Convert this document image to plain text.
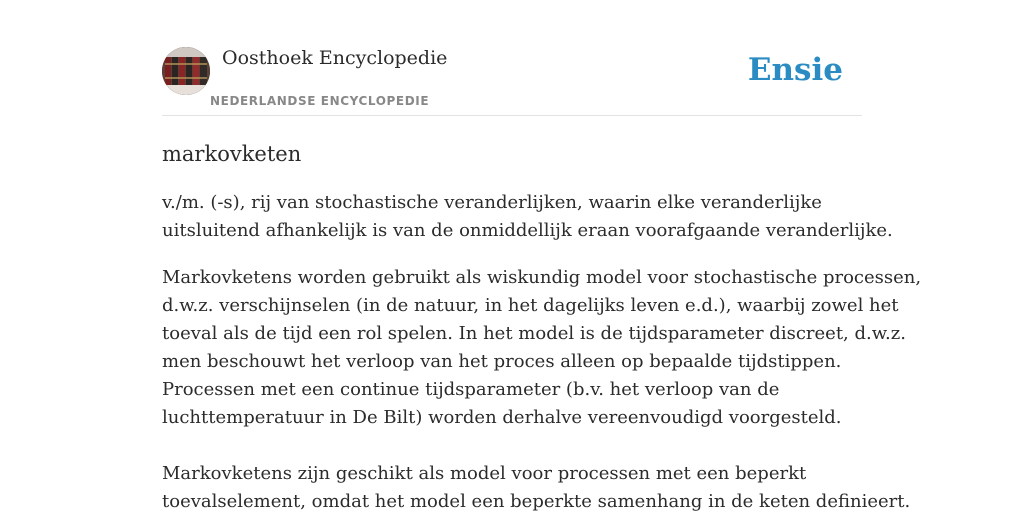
Oosthoek Encyclopedie
NEDERLANDSE ENCYCLOPEDIE
Ensie
markovketen

v./m. (-s), rij van stochastische veranderlijken, waarin elke veranderlijke
uitsluitend afhankelijk is van de onmiddellijk eraan voorafgaande veranderlijke.

Markovketens worden gebruikt als wiskundig model voor stochastische processen,
d.w.z. verschijnselen (in de natuur, in het dagelijks leven e.d.), waarbij zowel het
toeval als de tijd een rol spelen. In het model is de tijdsparameter discreet, d.w.z.
men beschouwt het verloop van het proces alleen op bepaalde tijdstippen.
Processen met een continue tijdsparameter (b.v. het verloop van de
luchttemperatuur in De Bilt) worden derhalve vereenvoudigd voorgesteld.

Markovketens zijn geschikt als model voor processen met een beperkt
toevalselement, omdat het model een beperkte samenhang in de keten definieert.
